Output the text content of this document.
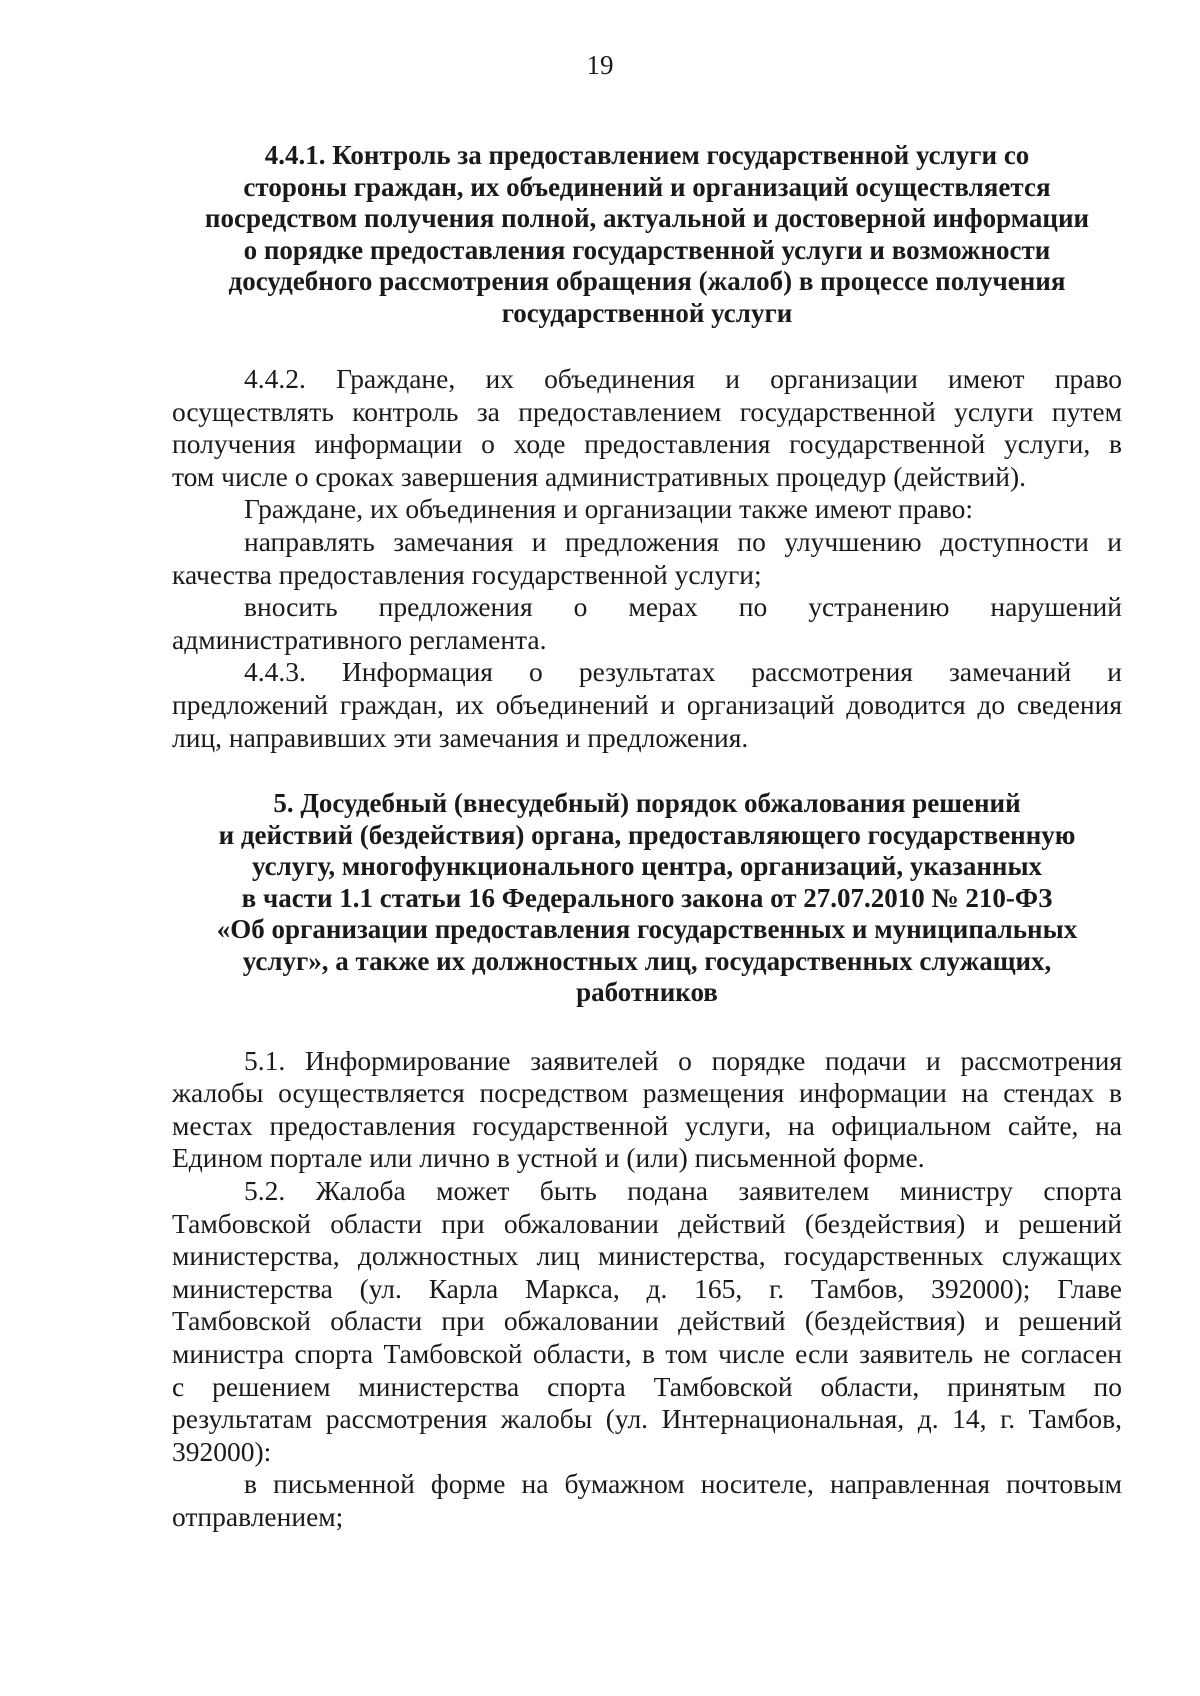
19
4.4.1. Контроль за предоставлением государственной услуги со
стороны граждан, их объединений и организаций осуществляется
посредством получения полной, актуальной и достоверной информации
о порядке предоставления государственной услуги и возможности
досудебного рассмотрения обращения (жалоб) в процессе получения
государственной услуги
4.4.2. Граждане, их объединения и организации имеют право
осуществлять контроль за предоставлением государственной услуги путем
получения информации о ходе предоставления государственной услуги, в
том числе о сроках завершения административных процедур (действий).
Граждане, их объединения и организации также имеют право:
направлять замечания и предложения по улучшению доступности и
качества предоставления государственной услуги;
вносить предложения о мерах по устранению нарушений
административного регламента.
4.4.3. Информация о результатах рассмотрения замечаний и
предложений граждан, их объединений и организаций доводится до сведения
лиц, направивших эти замечания и предложения.
5. Досудебный (внесудебный) порядок обжалования решений
и действий (бездействия) органа, предоставляющего государственную
услугу, многофункционального центра, организаций, указанных
в части 1.1 статьи 16 Федерального закона от 27.07.2010 № 210-ФЗ
«Об организации предоставления государственных и муниципальных
услуг», а также их должностных лиц, государственных служащих,
работников
5.1. Информирование заявителей о порядке подачи и рассмотрения
жалобы осуществляется посредством размещения информации на стендах в
местах предоставления государственной услуги, на официальном сайте, на
Едином портале или лично в устной и (или) письменной форме.
5.2. Жалоба может быть подана заявителем министру спорта
Тамбовской области при обжаловании действий (бездействия) и решений
министерства, должностных лиц министерства, государственных служащих
министерства (ул. Карла Маркса, д. 165, г. Тамбов, 392000); Главе
Тамбовской области при обжаловании действий (бездействия) и решений
министра спорта Тамбовской области, в том числе если заявитель не согласен
с решением министерства спорта Тамбовской области, принятым по
результатам рассмотрения жалобы (ул. Интернациональная, д. 14, г. Тамбов,
392000):
в письменной форме на бумажном носителе, направленная почтовым
отправлением;
